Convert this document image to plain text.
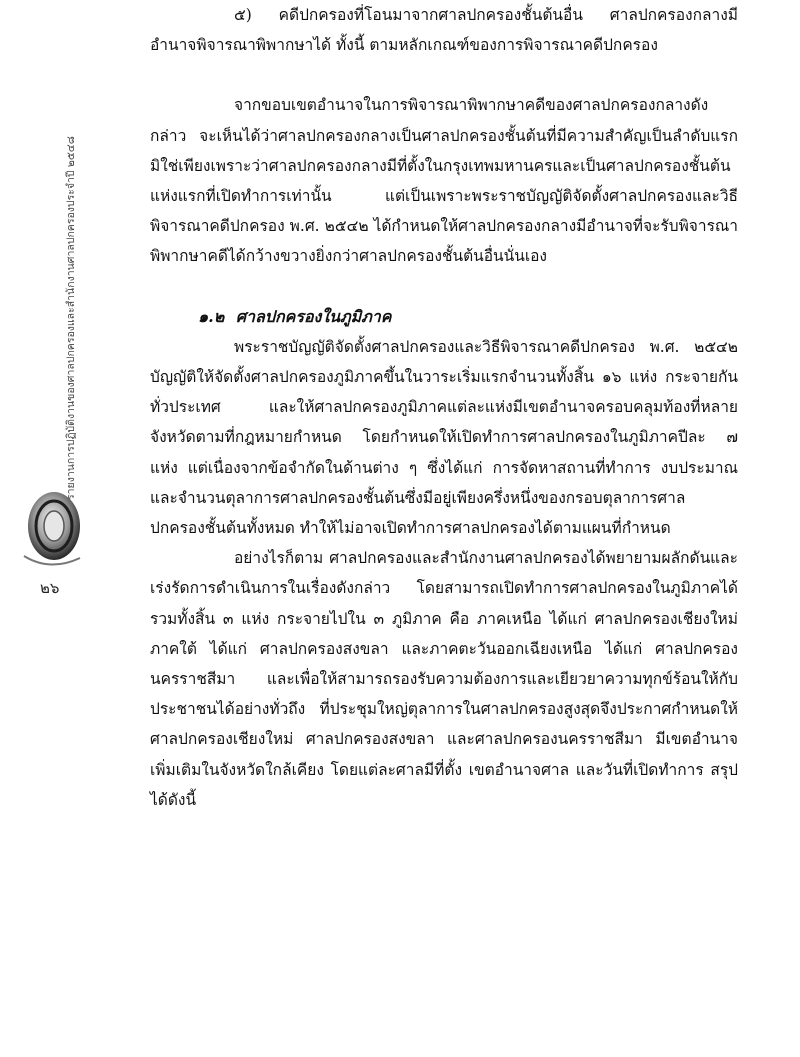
รายงานการปฏิบัติงานของศาลปกครองและสำนักงานศาลปกครองประจำปี ๒๕๔๘
๒๖

๕) คดีปกครองที่โอนมาจากศาลปกครองชั้นต้นอื่น ศาลปกครองกลางมีอำนาจพิจารณาพิพากษาได้ ทั้งนี้ ตามหลักเกณฑ์ของการพิจารณาคดีปกครอง

จากขอบเขตอำนาจในการพิจารณาพิพากษาคดีของศาลปกครองกลางดังกล่าว จะเห็นได้ว่าศาลปกครองกลางเป็นศาลปกครองชั้นต้นที่มีความสำคัญเป็นลำดับแรก มิใช่เพียงเพราะว่าศาลปกครองกลางมีที่ตั้งในกรุงเทพมหานครและเป็นศาลปกครองชั้นต้นแห่งแรกที่เปิดทำการเท่านั้น แต่เป็นเพราะพระราชบัญญัติจัดตั้งศาลปกครองและวิธีพิจารณาคดีปกครอง พ.ศ. ๒๕๔๒ ได้กำหนดให้ศาลปกครองกลางมีอำนาจที่จะรับพิจารณาพิพากษาคดีได้กว้างขวางยิ่งกว่าศาลปกครองชั้นต้นอื่นนั่นเอง

๑.๒ ศาลปกครองในภูมิภาค

พระราชบัญญัติจัดตั้งศาลปกครองและวิธีพิจารณาคดีปกครอง พ.ศ. ๒๕๔๒ บัญญัติให้จัดตั้งศาลปกครองภูมิภาคขึ้นในวาระเริ่มแรกจำนวนทั้งสิ้น ๑๖ แห่ง กระจายกันทั่วประเทศ และให้ศาลปกครองภูมิภาคแต่ละแห่งมีเขตอำนาจครอบคลุมท้องที่หลายจังหวัดตามที่กฎหมายกำหนด โดยกำหนดให้เปิดทำการศาลปกครองในภูมิภาคปีละ ๗ แห่ง แต่เนื่องจากข้อจำกัดในด้านต่าง ๆ ซึ่งได้แก่ การจัดหาสถานที่ทำการ งบประมาณ และจำนวนตุลาการศาลปกครองชั้นต้นซึ่งมีอยู่เพียงครึ่งหนึ่งของกรอบตุลาการศาลปกครองชั้นต้นทั้งหมด ทำให้ไม่อาจเปิดทำการศาลปกครองได้ตามแผนที่กำหนด

อย่างไรก็ตาม ศาลปกครองและสำนักงานศาลปกครองได้พยายามผลักดันและเร่งรัดการดำเนินการในเรื่องดังกล่าว โดยสามารถเปิดทำการศาลปกครองในภูมิภาคได้รวมทั้งสิ้น ๓ แห่ง กระจายไปใน ๓ ภูมิภาค คือ ภาคเหนือ ได้แก่ ศาลปกครองเชียงใหม่ ภาคใต้ ได้แก่ ศาลปกครองสงขลา และภาคตะวันออกเฉียงเหนือ ได้แก่ ศาลปกครองนครราชสีมา และเพื่อให้สามารถรองรับความต้องการและเยียวยาความทุกข์ร้อนให้กับประชาชนได้อย่างทั่วถึง ที่ประชุมใหญ่ตุลาการในศาลปกครองสูงสุดจึงประกาศกำหนดให้ศาลปกครองเชียงใหม่ ศาลปกครองสงขลา และศาลปกครองนครราชสีมา มีเขตอำนาจเพิ่มเติมในจังหวัดใกล้เคียง โดยแต่ละศาลมีที่ตั้ง เขตอำนาจศาล และวันที่เปิดทำการ สรุปได้ดังนี้
